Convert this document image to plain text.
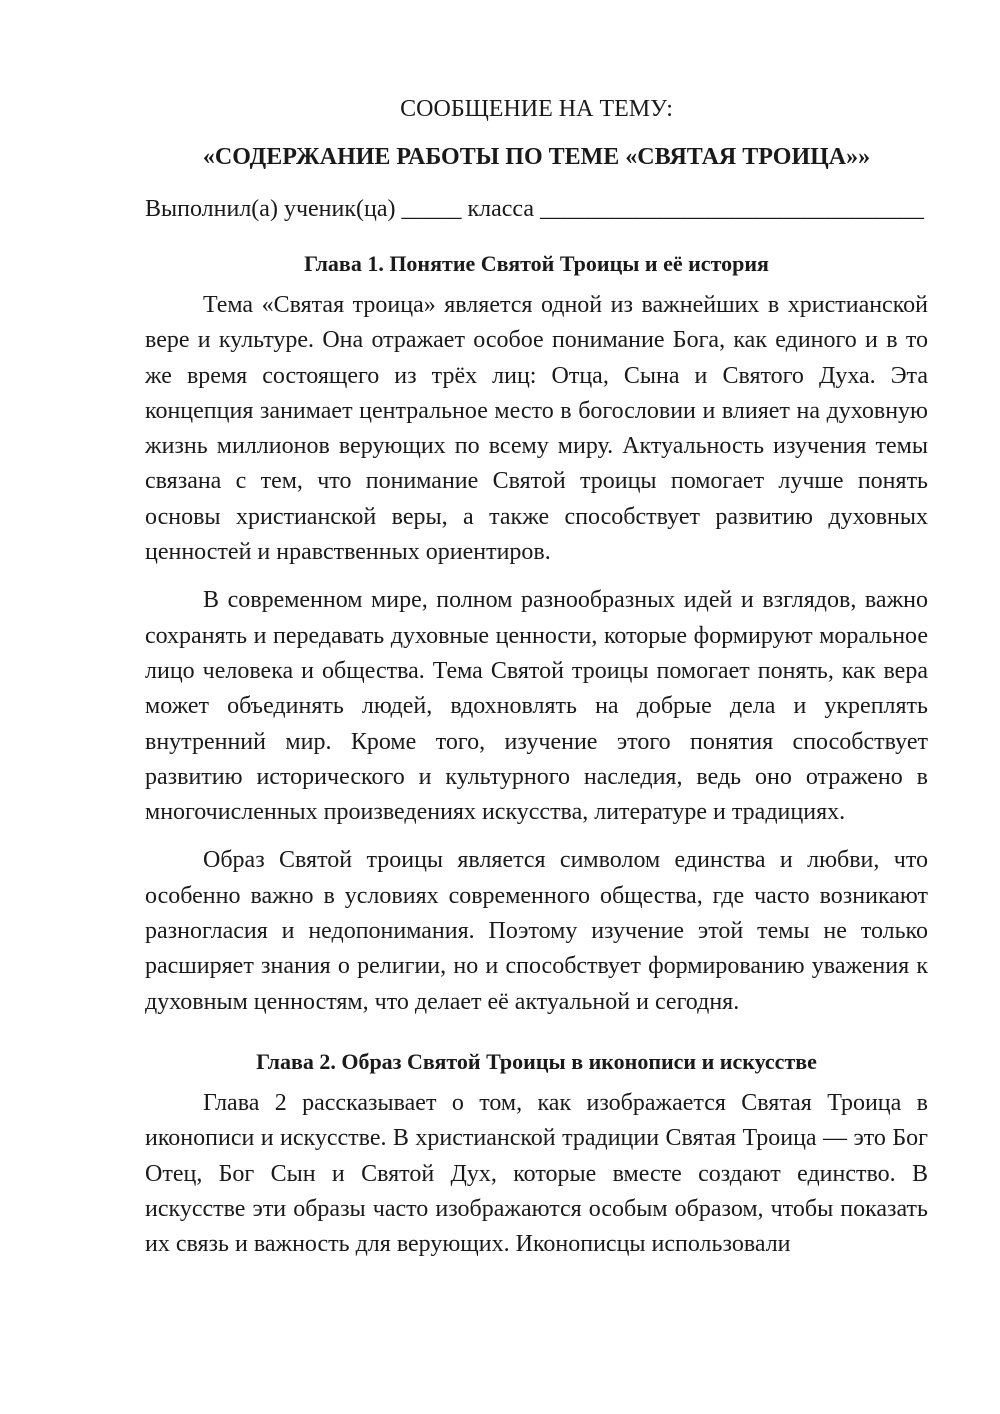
СООБЩЕНИЕ НА ТЕМУ:

«СОДЕРЖАНИЕ РАБОТЫ ПО ТЕМЕ «СВЯТАЯ ТРОИЦА»»

Выполнил(а) ученик(ца) _____ класса ________________________________

Глава 1. Понятие Святой Троицы и её история

Тема «Святая троица» является одной из важнейших в христианской вере и культуре. Она отражает особое понимание Бога, как единого и в то же время состоящего из трёх лиц: Отца, Сына и Святого Духа. Эта концепция занимает центральное место в богословии и влияет на духовную жизнь миллионов верующих по всему миру. Актуальность изучения темы связана с тем, что понимание Святой троицы помогает лучше понять основы христианской веры, а также способствует развитию духовных ценностей и нравственных ориентиров.

В современном мире, полном разнообразных идей и взглядов, важно сохранять и передавать духовные ценности, которые формируют моральное лицо человека и общества. Тема Святой троицы помогает понять, как вера может объединять людей, вдохновлять на добрые дела и укреплять внутренний мир. Кроме того, изучение этого понятия способствует развитию исторического и культурного наследия, ведь оно отражено в многочисленных произведениях искусства, литературе и традициях.

Образ Святой троицы является символом единства и любви, что особенно важно в условиях современного общества, где часто возникают разногласия и недопонимания. Поэтому изучение этой темы не только расширяет знания о религии, но и способствует формированию уважения к духовным ценностям, что делает её актуальной и сегодня.

Глава 2. Образ Святой Троицы в иконописи и искусстве

Глава 2 рассказывает о том, как изображается Святая Троица в иконописи и искусстве. В христианской традиции Святая Троица — это Бог Отец, Бог Сын и Святой Дух, которые вместе создают единство. В искусстве эти образы часто изображаются особым образом, чтобы показать их связь и важность для верующих. Иконописцы использовали
